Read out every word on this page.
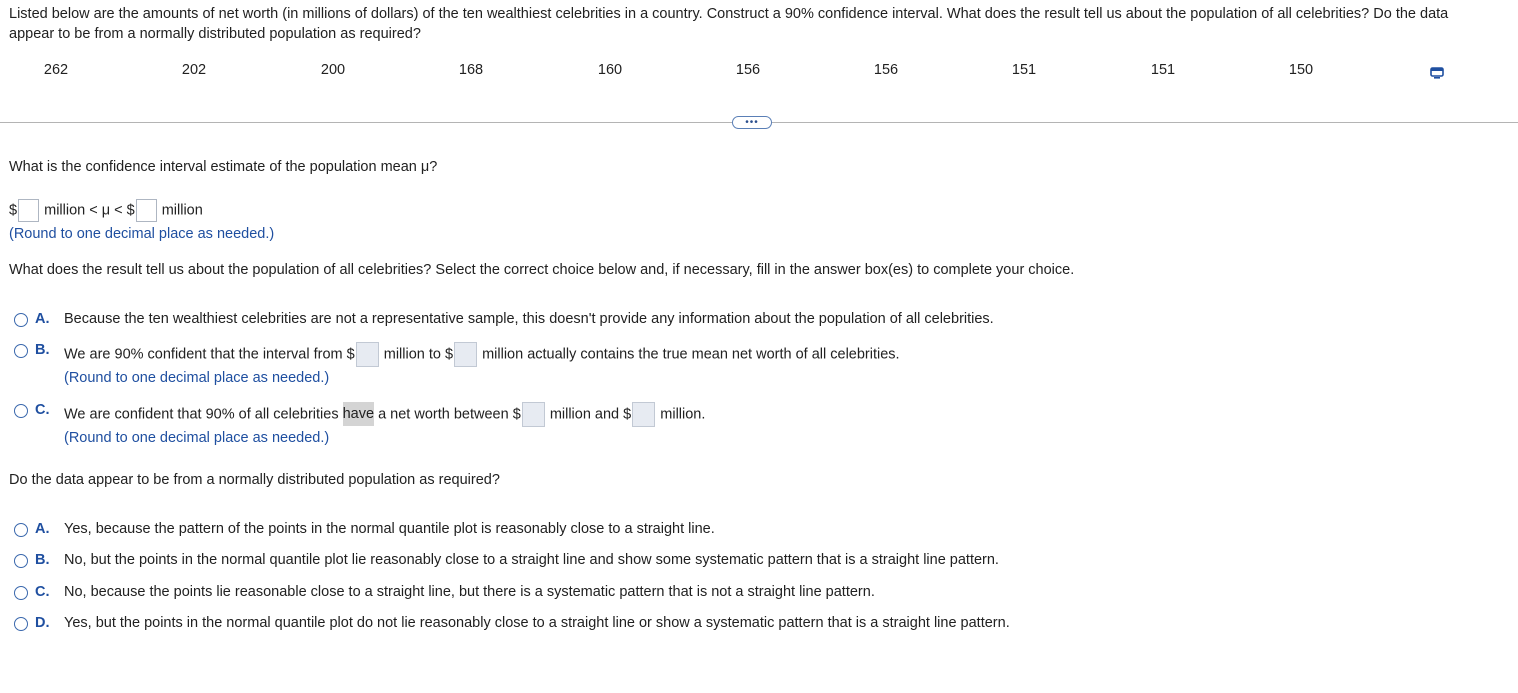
Listed below are the amounts of net worth (in millions of dollars) of the ten wealthiest celebrities in a country. Construct a 90% confidence interval. What does the result tell us about the population of all celebrities? Do the data appear to be from a normally distributed population as required?
262	202	200	168	160	156	156	151	151	150
•••
What is the confidence interval estimate of the population mean μ?
$ million < μ < $ million
(Round to one decimal place as needed.)
What does the result tell us about the population of all celebrities? Select the correct choice below and, if necessary, fill in the answer box(es) to complete your choice.
A. Because the ten wealthiest celebrities are not a representative sample, this doesn't provide any information about the population of all celebrities.
B. We are 90% confident that the interval from $ million to $ million actually contains the true mean net worth of all celebrities.
(Round to one decimal place as needed.)
C. We are confident that 90% of all celebrities have a net worth between $ million and $ million.
(Round to one decimal place as needed.)
Do the data appear to be from a normally distributed population as required?
A. Yes, because the pattern of the points in the normal quantile plot is reasonably close to a straight line.
B. No, but the points in the normal quantile plot lie reasonably close to a straight line and show some systematic pattern that is a straight line pattern.
C. No, because the points lie reasonable close to a straight line, but there is a systematic pattern that is not a straight line pattern.
D. Yes, but the points in the normal quantile plot do not lie reasonably close to a straight line or show a systematic pattern that is a straight line pattern.
